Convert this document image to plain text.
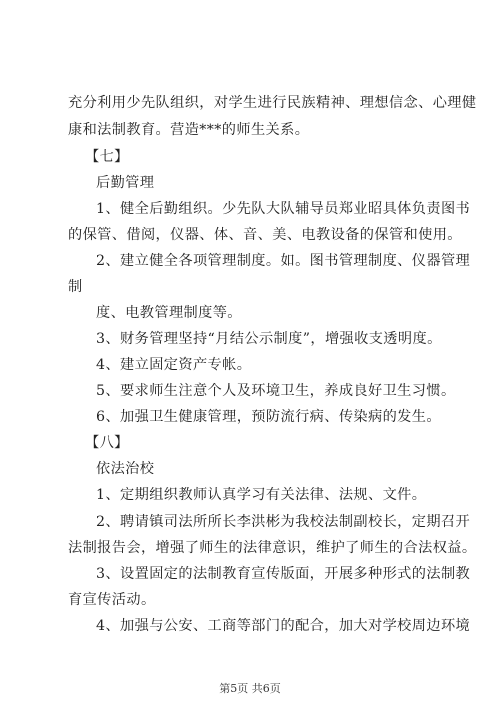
充分利用少先队组织，对学生进行民族精神、理想信念、心理健
康和法制教育。营造***的师生关系。
【七】
后勤管理
1、健全后勤组织。少先队大队辅导员郑业昭具体负责图书
的保管、借阅，仪器、体、音、美、电教设备的保管和使用。
2、建立健全各项管理制度。如。图书管理制度、仪器管理
制
度、电教管理制度等。
3、财务管理坚持“月结公示制度”，增强收支透明度。
4、建立固定资产专帐。
5、要求师生注意个人及环境卫生，养成良好卫生习惯。
6、加强卫生健康管理，预防流行病、传染病的发生。
【八】
依法治校
1、定期组织教师认真学习有关法律、法规、文件。
2、聘请镇司法所所长李洪彬为我校法制副校长，定期召开
法制报告会，增强了师生的法律意识，维护了师生的合法权益。
3、设置固定的法制教育宣传版面，开展多种形式的法制教
育宣传活动。
4、加强与公安、工商等部门的配合，加大对学校周边环境
第5页 共6页
